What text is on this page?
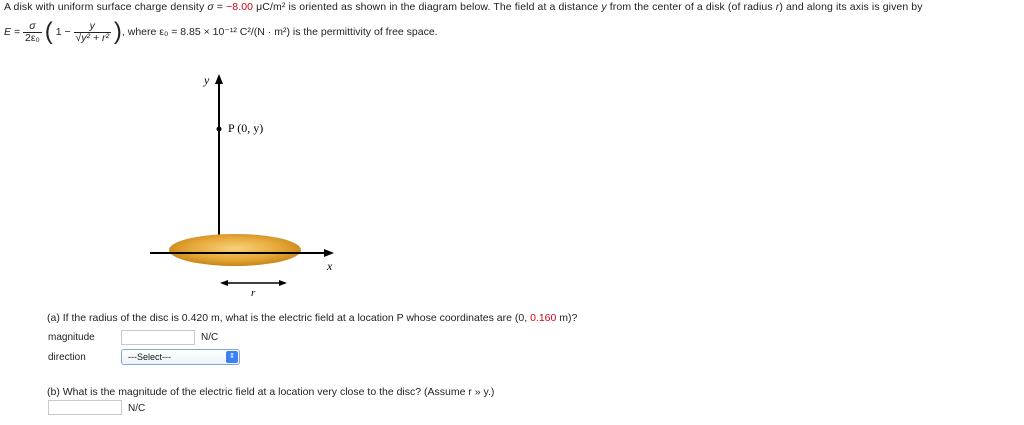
A disk with uniform surface charge density σ = −8.00 μC/m² is oriented as shown in the diagram below. The field at a distance y from the center of a disk (of radius r) and along its axis is given by
$E = \frac{\sigma}{\text{2ε₀}}$ ( $1 - \frac{y}{\text{√y² + r²}}$ ), where ε₀ = 8.85 × 10⁻¹² C²/(N · m²) is the permittivity of free space.
y
P (0, y)
x
r
(a) If the radius of the disc is 0.420 m, what is the electric field at a location P whose coordinates are (0, 0.160 m)?
magnitude	N/C
direction	---Select---	⇕
(b) What is the magnitude of the electric field at a location very close to the disc? (Assume r » y.)
N/C
